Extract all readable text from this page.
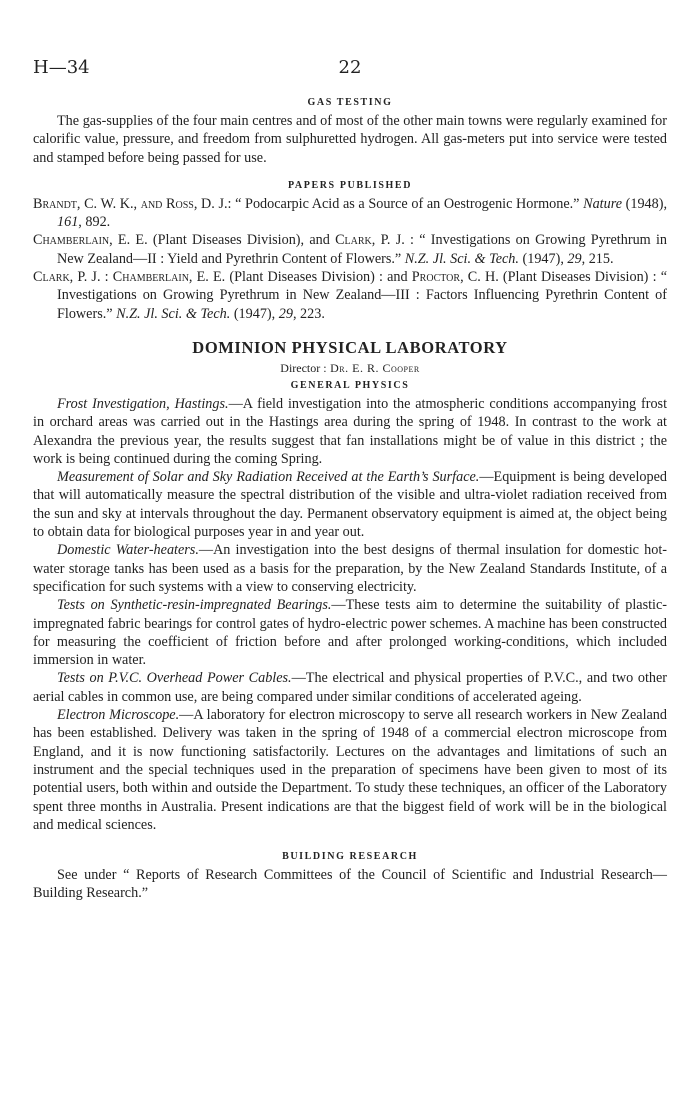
H—34	22
GAS TESTING

The gas-supplies of the four main centres and of most of the other main towns were regularly examined for calorific value, pressure, and freedom from sulphuretted hydrogen. All gas-meters put into service were tested and stamped before being passed for use.

PAPERS PUBLISHED

Brandt, C. W. K., and Ross, D. J.: “ Podocarpic Acid as a Source of an Oestrogenic Hormone.” Nature (1948), 161, 892.

Chamberlain, E. E. (Plant Diseases Division), and Clark, P. J. : “ Investigations on Growing Pyrethrum in New Zealand—II : Yield and Pyrethrin Content of Flowers.” N.Z. Jl. Sci. & Tech. (1947), 29, 215.

Clark, P. J. : Chamberlain, E. E. (Plant Diseases Division) : and Proctor, C. H. (Plant Diseases Division) : “ Investigations on Growing Pyrethrum in New Zealand—III : Factors Influencing Pyrethrin Content of Flowers.” N.Z. Jl. Sci. & Tech. (1947), 29, 223.

DOMINION PHYSICAL LABORATORY
Director : Dr. E. R. Cooper
GENERAL PHYSICS

Frost Investigation, Hastings.—A field investigation into the atmospheric conditions accompanying frost in orchard areas was carried out in the Hastings area during the spring of 1948. In contrast to the work at Alexandra the previous year, the results suggest that fan installations might be of value in this district ; the work is being continued during the coming Spring.

Measurement of Solar and Sky Radiation Received at the Earth’s Surface.—Equipment is being developed that will automatically measure the spectral distribution of the visible and ultra-violet radiation received from the sun and sky at intervals throughout the day. Permanent observatory equipment is aimed at, the object being to obtain data for biological purposes year in and year out.

Domestic Water-heaters.—An investigation into the best designs of thermal insulation for domestic hot-water storage tanks has been used as a basis for the preparation, by the New Zealand Standards Institute, of a specification for such systems with a view to conserving electricity.

Tests on Synthetic-resin-impregnated Bearings.—These tests aim to determine the suitability of plastic-impregnated fabric bearings for control gates of hydro-electric power schemes. A machine has been constructed for measuring the coefficient of friction before and after prolonged working-conditions, which included immersion in water.

Tests on P.V.C. Overhead Power Cables.—The electrical and physical properties of P.V.C., and two other aerial cables in common use, are being compared under similar conditions of accelerated ageing.

Electron Microscope.—A laboratory for electron microscopy to serve all research workers in New Zealand has been established. Delivery was taken in the spring of 1948 of a commercial electron microscope from England, and it is now functioning satisfactorily. Lectures on the advantages and limitations of such an instrument and the special techniques used in the preparation of specimens have been given to most of its potential users, both within and outside the Department. To study these techniques, an officer of the Laboratory spent three months in Australia. Present indications are that the biggest field of work will be in the biological and medical sciences.

BUILDING RESEARCH

See under “ Reports of Research Committees of the Council of Scientific and Industrial Research—Building Research.”
